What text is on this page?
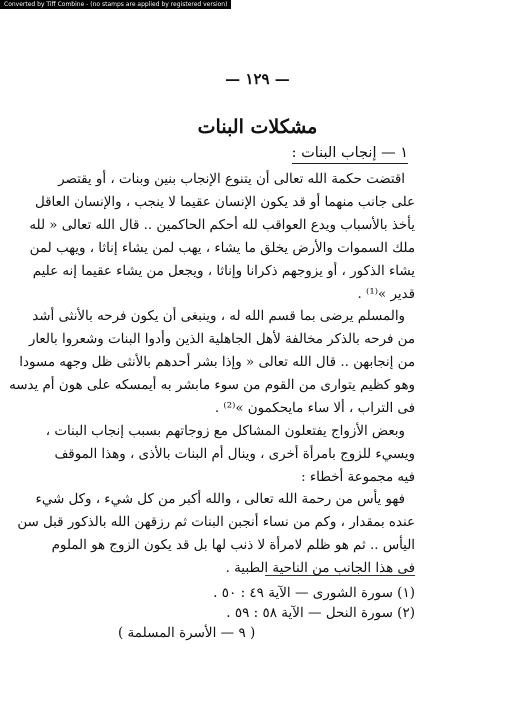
Converted by Tiff Combine - (no stamps are applied by registered version)
— ١٢٩ —
مشكلات البنات
١ — إنجاب البنات :
اقتضت حكمة الله تعالى أن يتنوع الإنجاب بنين وبنات ، أو يقتصر
على جانب منهما أو قد يكون الإنسان عقيما لا ينجب ، والإنسان العاقل
يأخذ بالأسباب ويدع العواقب لله أحكم الحاكمين .. قال الله تعالى « لله
ملك السموات والأرض يخلق ما يشاء ، يهب لمن يشاء إناثا ، ويهب لمن
يشاء الذكور ، أو يزوجهم ذكرانا وإناثا ، ويجعل من يشاء عقيما إنه عليم
قدير »⁽¹⁾ .
والمسلم يرضى بما قسم الله له ، وينبغى أن يكون فرحه بالأنثى أشد
من فرحه بالذكر مخالفة لأهل الجاهلية الذين وأدوا البنات وشعروا بالعار
من إنجابهن .. قال الله تعالى « وإذا بشر أحدهم بالأنثى ظل وجهه مسودا
وهو كظيم يتوارى من القوم من سوء مابشر به أيمسكه على هون أم يدسه
فى التراب ، ألا ساء مايحكمون »⁽²⁾ .
وبعض الأزواج يفتعلون المشاكل مع زوجاتهم بسبب إنجاب البنات ،
ويسيء للزوج بامرأة أخرى ، وينال أم البنات بالأذى ، وهذا الموقف
فيه مجموعة أخطاء :
فهو يأس من رحمة الله تعالى ، والله أكبر من كل شيء ، وكل شيء
عنده بمقدار ، وكم من نساء أنجبن البنات ثم رزقهن الله بالذكور قبل سن
اليأس .. ثم هو ظلم لامرأة لا ذنب لها بل قد يكون الزوج هو الملوم
فى هذا الجانب من الناحية الطبية .
(١) سورة الشورى — الآية ٤٩ : ٥٠ .
(٢) سورة النحل — الآية ٥٨ : ٥٩ .
( ٩ — الأسرة المسلمة )
